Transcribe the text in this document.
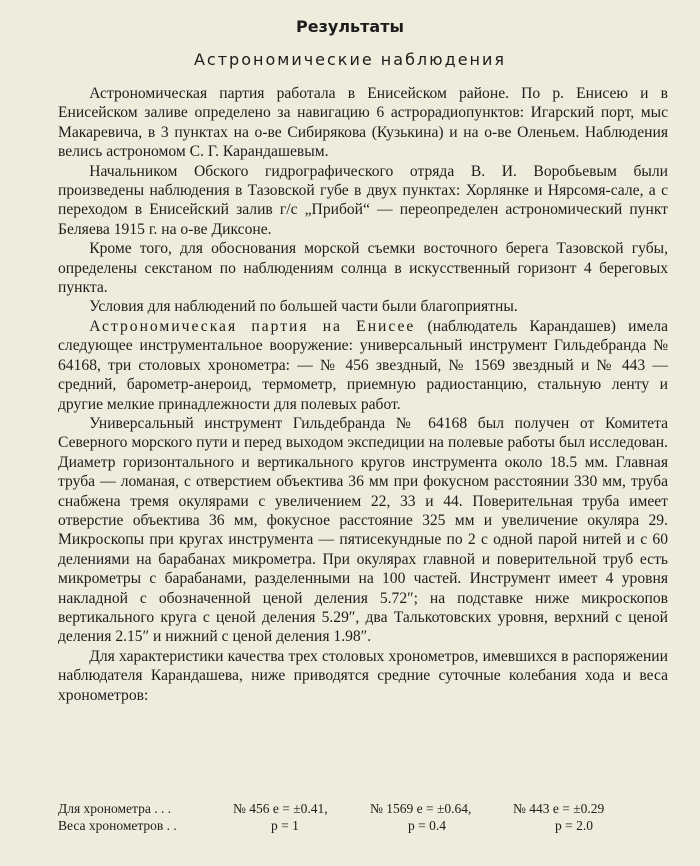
Результаты
Астрономические наблюдения

Астрономическая партия работала в Енисейском районе. По р. Енисею и в Енисейском заливе определено за навигацию 6 астрорадиопунктов: Игарский порт, мыс Макаревича, в 3 пунктах на о-ве Сибирякова (Кузькина) и на о-ве Оленьем. Наблюдения велись астрономом С. Г. Карандашевым.

Начальником Обского гидрографического отряда В. И. Воробьевым были произведены наблюдения в Тазовской губе в двух пунктах: Хорлянке и Нярсомя-сале, а с переходом в Енисейский залив г/с „Прибой“ — переопределен астрономический пункт Беляева 1915 г. на о-ве Диксоне.

Кроме того, для обоснования морской съемки восточного берега Тазовской губы, определены секстаном по наблюдениям солнца в искусственный горизонт 4 береговых пункта.

Условия для наблюдений по большей части были благоприятны.

Астрономическая партия на Енисее (наблюдатель Карандашев) имела следующее инструментальное вооружение: универсальный инструмент Гильдебранда № 64168, три столовых хронометра: — № 456 звездный, № 1569 звездный и № 443 — средний, барометр-анероид, термометр, приемную радиостанцию, стальную ленту и другие мелкие принадлежности для полевых работ.

Универсальный инструмент Гильдебранда № 64168 был получен от Комитета Северного морского пути и перед выходом экспедиции на полевые работы был исследован. Диаметр горизонтального и вертикального кругов инструмента около 18.5 мм. Главная труба — ломаная, с отверстием объектива 36 мм при фокусном расстоянии 330 мм, труба снабжена тремя окулярами с увеличением 22, 33 и 44. Поверительная труба имеет отверстие объектива 36 мм, фокусное расстояние 325 мм и увеличение окуляра 29. Микроскопы при кругах инструмента — пятисекундные по 2 с одной парой нитей и с 60 делениями на барабанах микрометра. При окулярах главной и поверительной труб есть микрометры с барабанами, разделенными на 100 частей. Инструмент имеет 4 уровня накладной с обозначенной ценой деления 5.72″; на подставке ниже микроскопов вертикального круга с ценой деления 5.29″, два Талькотовских уровня, верхний с ценой деления 2.15″ и нижний с ценой деления 1.98″.

Для характеристики качества трех столовых хронометров, имевшихся в распоряжении наблюдателя Карандашева, ниже приводятся средние суточные колебания хода и веса хронометров:

Для хронометра . . .	№ 456 e = ±0.41,	№ 1569 e = ±0.64,	№ 443 e = ±0.29
Веса хронометров . .	p = 1	p = 0.4	p = 2.0
